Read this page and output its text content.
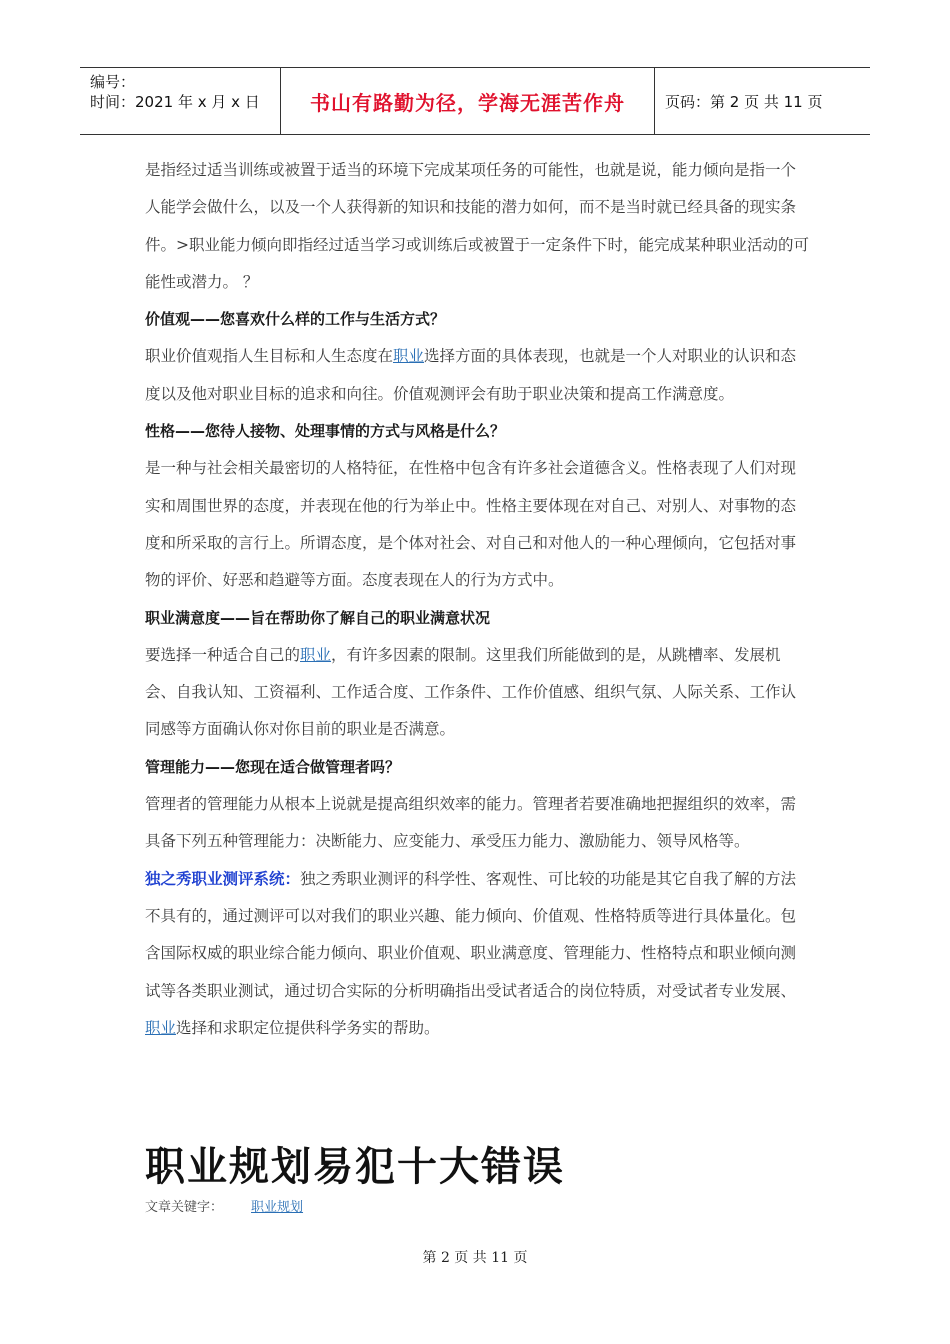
编号：
时间：2021 年 x 月 x 日	书山有路勤为径，学海无涯苦作舟	页码：第 2 页 共 11 页

是指经过适当训练或被置于适当的环境下完成某项任务的可能性，也就是说，能力倾向是指一个人能学会做什么，以及一个人获得新的知识和技能的潜力如何，而不是当时就已经具备的现实条件。>职业能力倾向即指经过适当学习或训练后或被置于一定条件下时，能完成某种职业活动的可能性或潜力。 ？

价值观——您喜欢什么样的工作与生活方式？

职业价值观指人生目标和人生态度在职业选择方面的具体表现，也就是一个人对职业的认识和态度以及他对职业目标的追求和向往。价值观测评会有助于职业决策和提高工作满意度。

性格——您待人接物、处理事情的方式与风格是什么？

是一种与社会相关最密切的人格特征，在性格中包含有许多社会道德含义。性格表现了人们对现实和周围世界的态度，并表现在他的行为举止中。性格主要体现在对自己、对别人、对事物的态度和所采取的言行上。所谓态度，是个体对社会、对自己和对他人的一种心理倾向，它包括对事物的评价、好恶和趋避等方面。态度表现在人的行为方式中。

职业满意度——旨在帮助你了解自己的职业满意状况

要选择一种适合自己的职业，有许多因素的限制。这里我们所能做到的是，从跳槽率、发展机会、自我认知、工资福利、工作适合度、工作条件、工作价值感、组织气氛、人际关系、工作认同感等方面确认你对你目前的职业是否满意。

管理能力——您现在适合做管理者吗？

管理者的管理能力从根本上说就是提高组织效率的能力。管理者若要准确地把握组织的效率，需具备下列五种管理能力：决断能力、应变能力、承受压力能力、激励能力、领导风格等。

独之秀职业测评系统：独之秀职业测评的科学性、客观性、可比较的功能是其它自我了解的方法不具有的，通过测评可以对我们的职业兴趣、能力倾向、价值观、性格特质等进行具体量化。包含国际权威的职业综合能力倾向、职业价值观、职业满意度、管理能力、性格特点和职业倾向测试等各类职业测试，通过切合实际的分析明确指出受试者适合的岗位特质，对受试者专业发展、职业选择和求职定位提供科学务实的帮助。

职业规划易犯十大错误
文章关键字： 职业规划
第 2 页 共 11 页
